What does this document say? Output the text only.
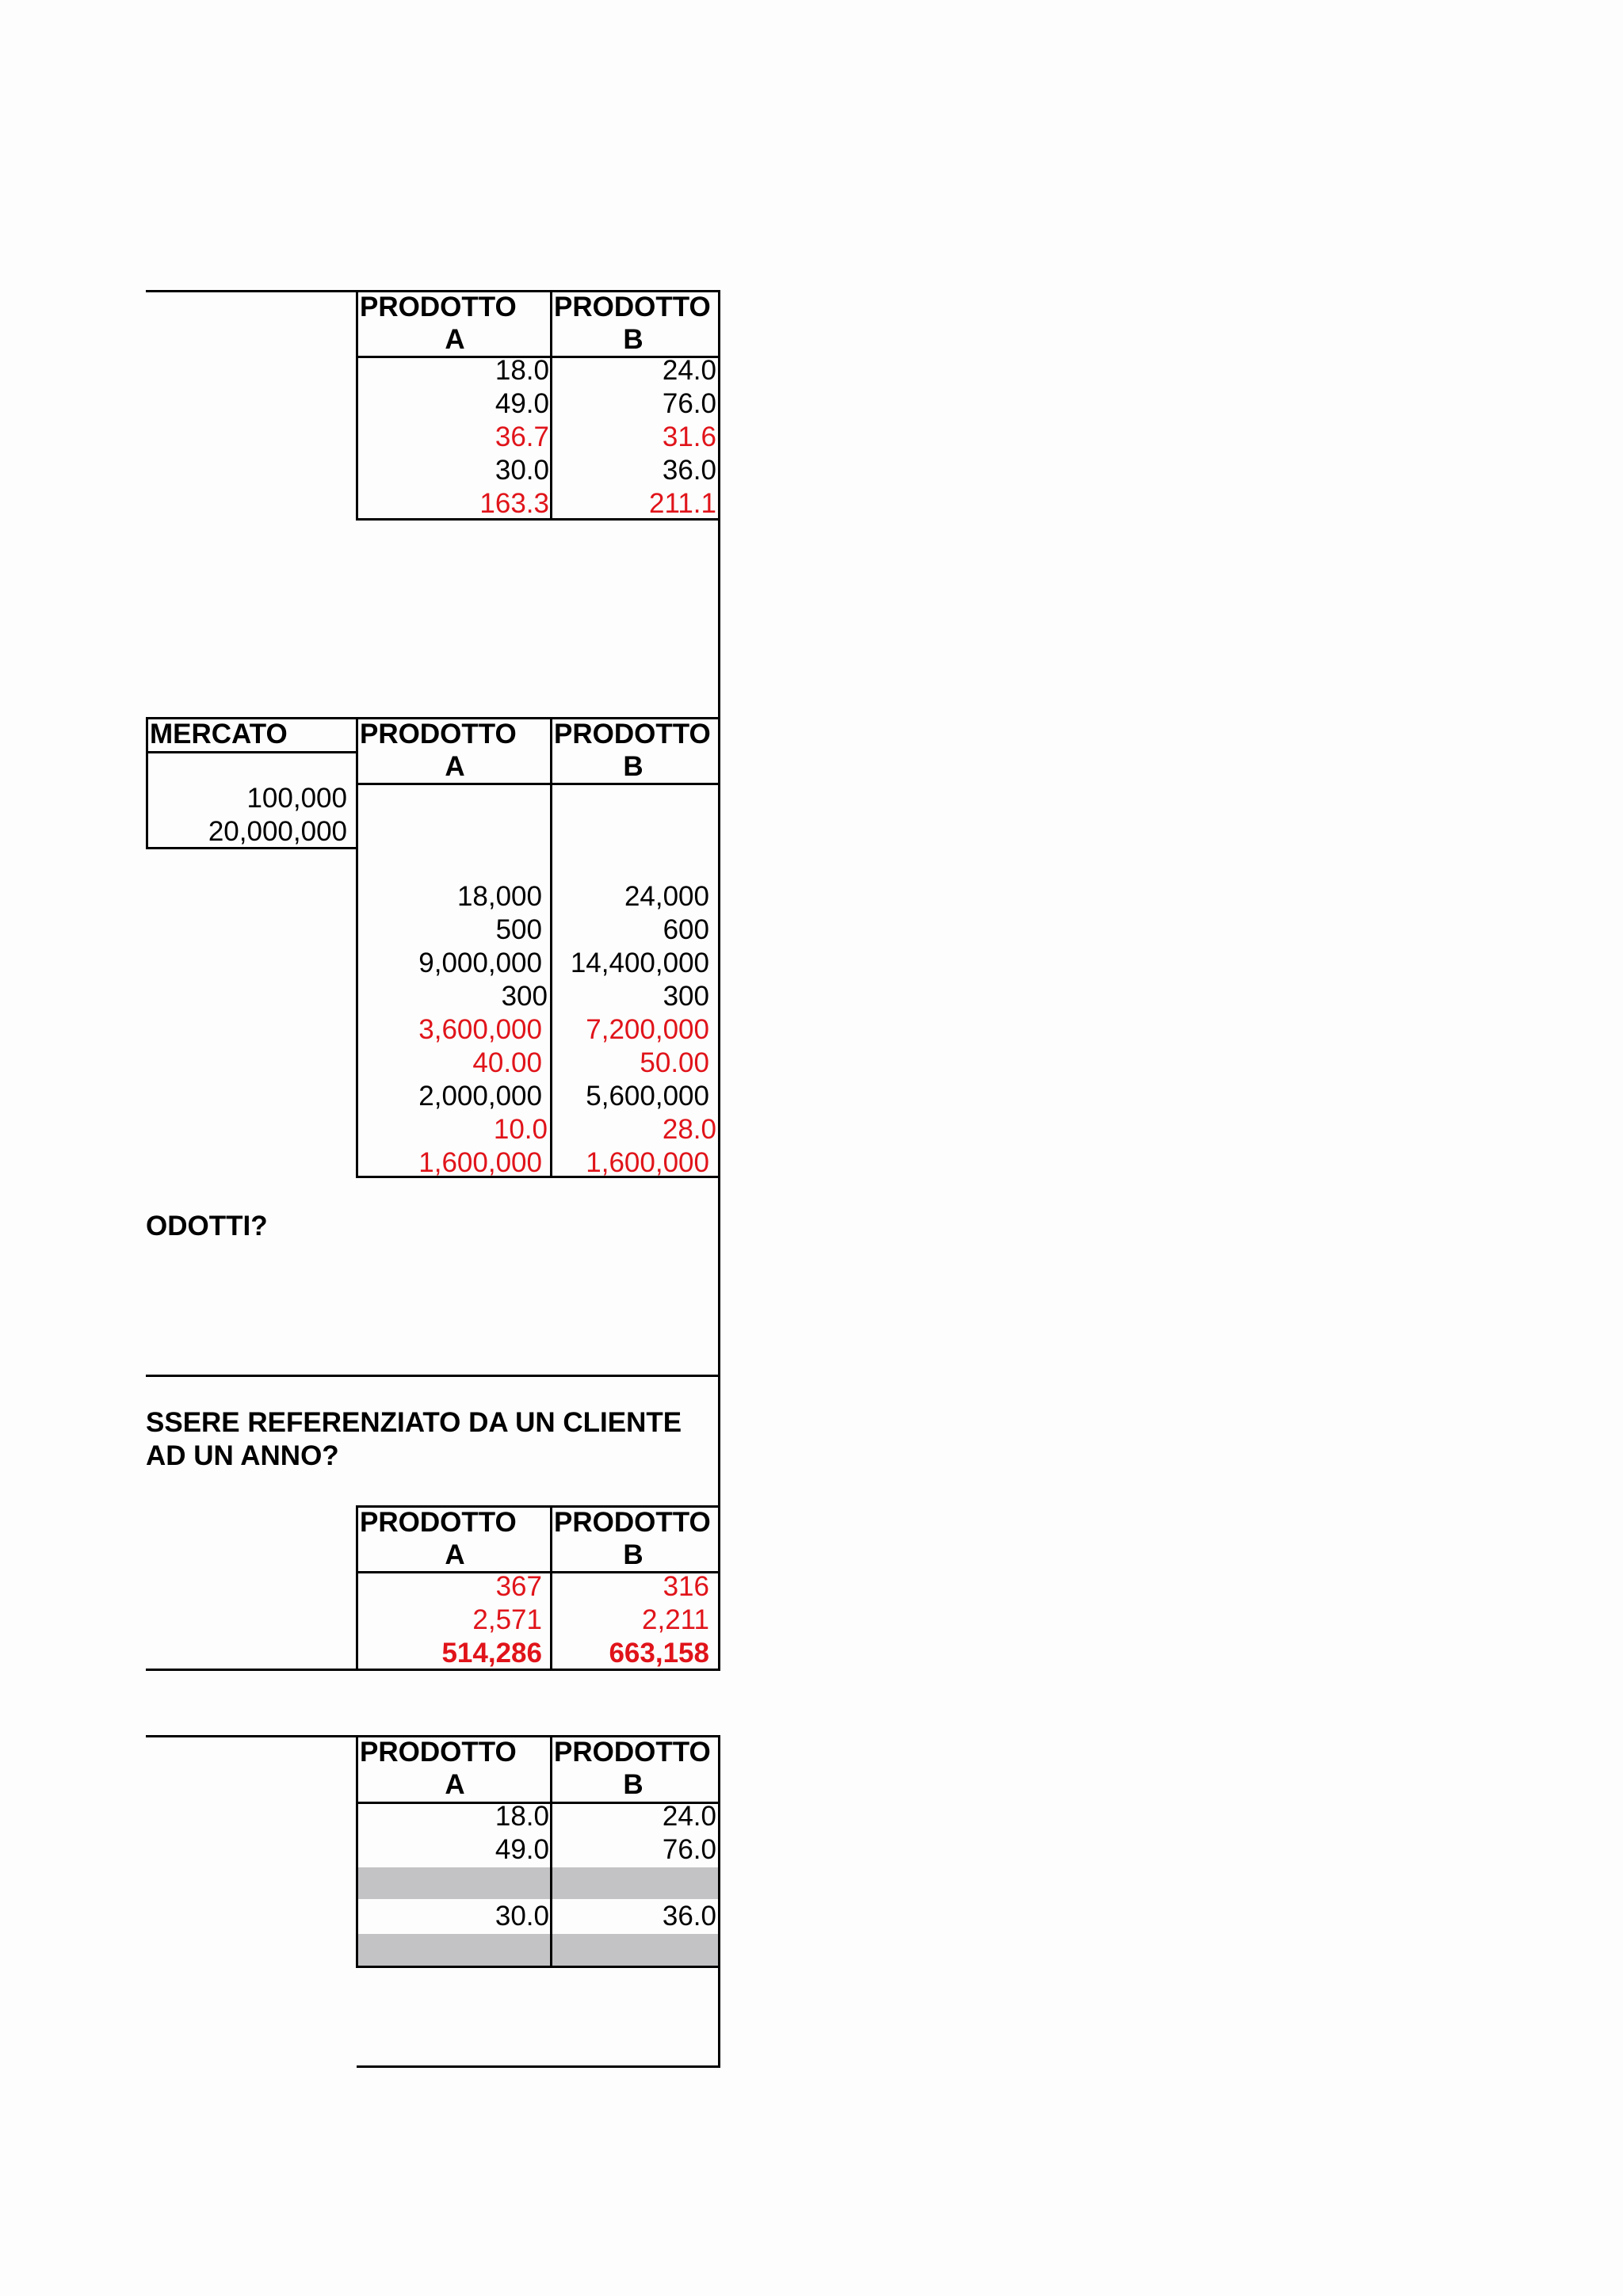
PRODOTTO
A
PRODOTTO
B
18.0
49.0
36.7
30.0
163.3
24.0
76.0
31.6
36.0
211.1
MERCATO	PRODOTTO
A
PRODOTTO
B
100,000
20,000,000
18,000
500
9,000,000
300
3,600,000
40.00
2,000,000
10.0
1,600,000
24,000
600
14,400,000
300
7,200,000
50.00
5,600,000
28.0
1,600,000
ODOTTI?
SSERE REFERENZIATO DA UN CLIENTE
AD UN ANNO?
PRODOTTO
A
PRODOTTO
B
367
2,571
514,286
316
2,211
663,158
PRODOTTO
A
PRODOTTO
B
18.0
49.0
30.0
24.0
76.0
36.0
